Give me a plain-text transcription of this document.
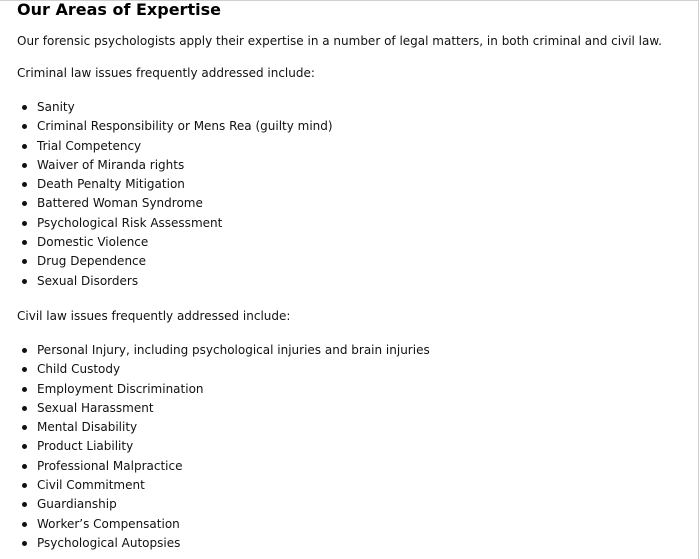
Our Areas of Expertise

Our forensic psychologists apply their expertise in a number of legal matters, in both criminal and civil law.

Criminal law issues frequently addressed include:

Sanity
Criminal Responsibility or Mens Rea (guilty mind)
Trial Competency
Waiver of Miranda rights
Death Penalty Mitigation
Battered Woman Syndrome
Psychological Risk Assessment
Domestic Violence
Drug Dependence
Sexual Disorders

Civil law issues frequently addressed include:

Personal Injury, including psychological injuries and brain injuries
Child Custody
Employment Discrimination
Sexual Harassment
Mental Disability
Product Liability
Professional Malpractice
Civil Commitment
Guardianship
Worker’s Compensation
Psychological Autopsies
